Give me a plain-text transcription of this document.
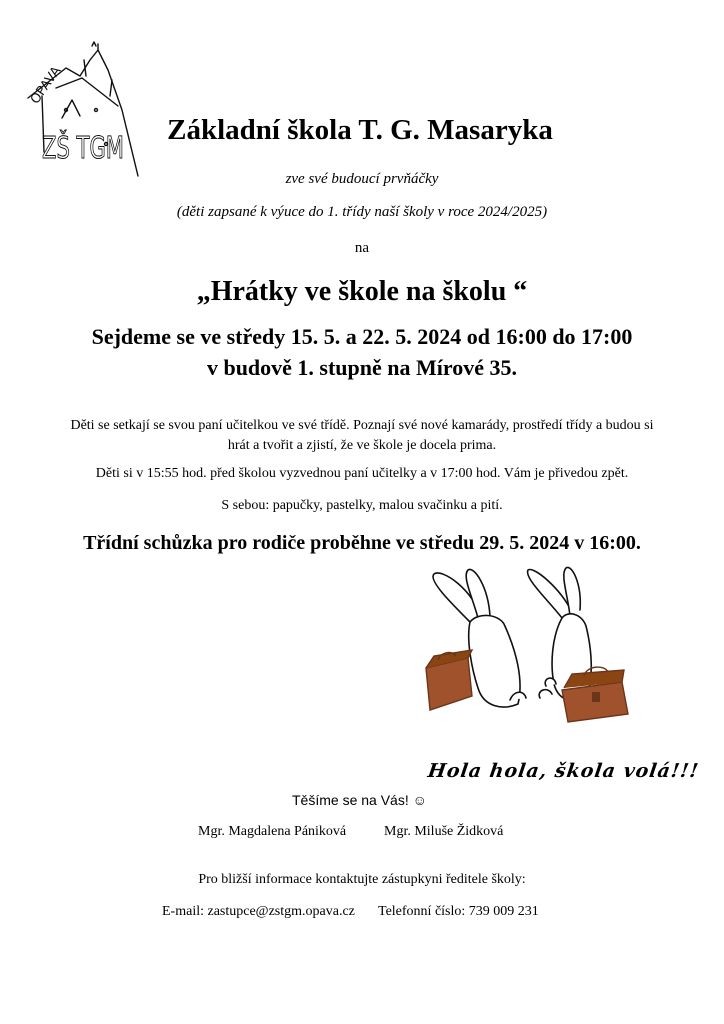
OPAVA
ZŠ TGM
Základní škola T. G. Masaryka
zve své budoucí prvňáčky
(děti zapsané k výuce do 1. třídy naší školy v roce 2024/2025)
na
„Hrátky ve škole na školu “
Sejdeme se ve středy 15. 5. a 22. 5. 2024 od 16:00 do 17:00
v budově 1. stupně na Mírové 35.
Děti se setkají se svou paní učitelkou ve své třídě. Poznají své nové kamarády, prostředí třídy a budou si hrát a tvořit a zjistí, že ve škole je docela prima.
Děti si v 15:55 hod. před školou vyzvednou paní učitelky a v 17:00 hod. Vám je přivedou zpět.
S sebou: papučky, pastelky, malou svačinku a pití.
Třídní schůzka pro rodiče proběhne ve středu 29. 5. 2024 v 16:00.
Hola hola, škola volá!!!
Těšíme se na Vás! ☺
Mgr. Magdalena Pániková	Mgr. Miluše Židková
Pro bližší informace kontaktujte zástupkyni ředitele školy:
E-mail: zastupce@zstgm.opava.cz Telefonní číslo: 739 009 231
